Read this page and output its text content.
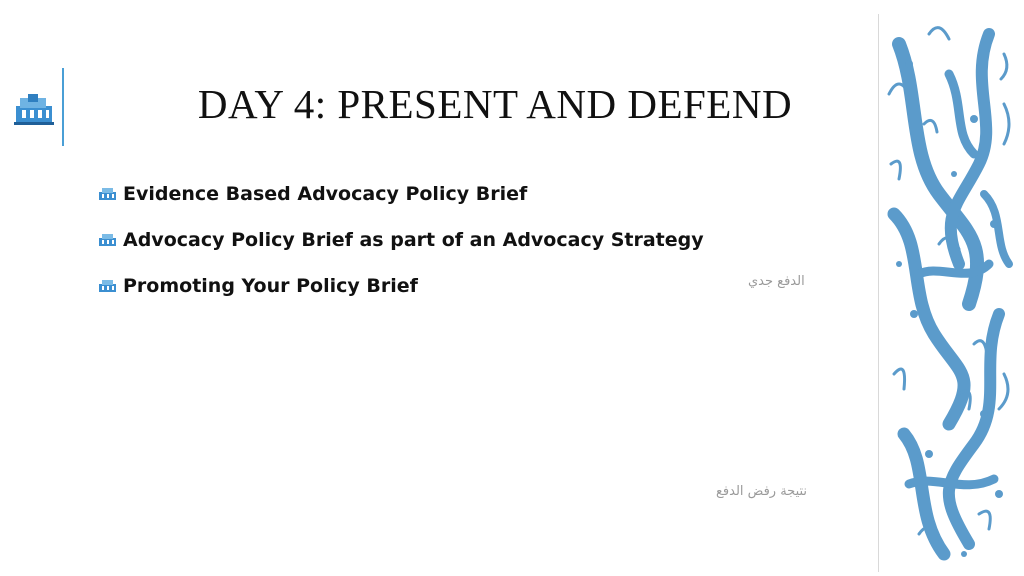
DAY 4: PRESENT AND DEFEND
Evidence Based Advocacy Policy Brief
Advocacy Policy Brief as part of an Advocacy Strategy
Promoting Your Policy Brief	الدفع جدي
نتيجة رفض الدفع
